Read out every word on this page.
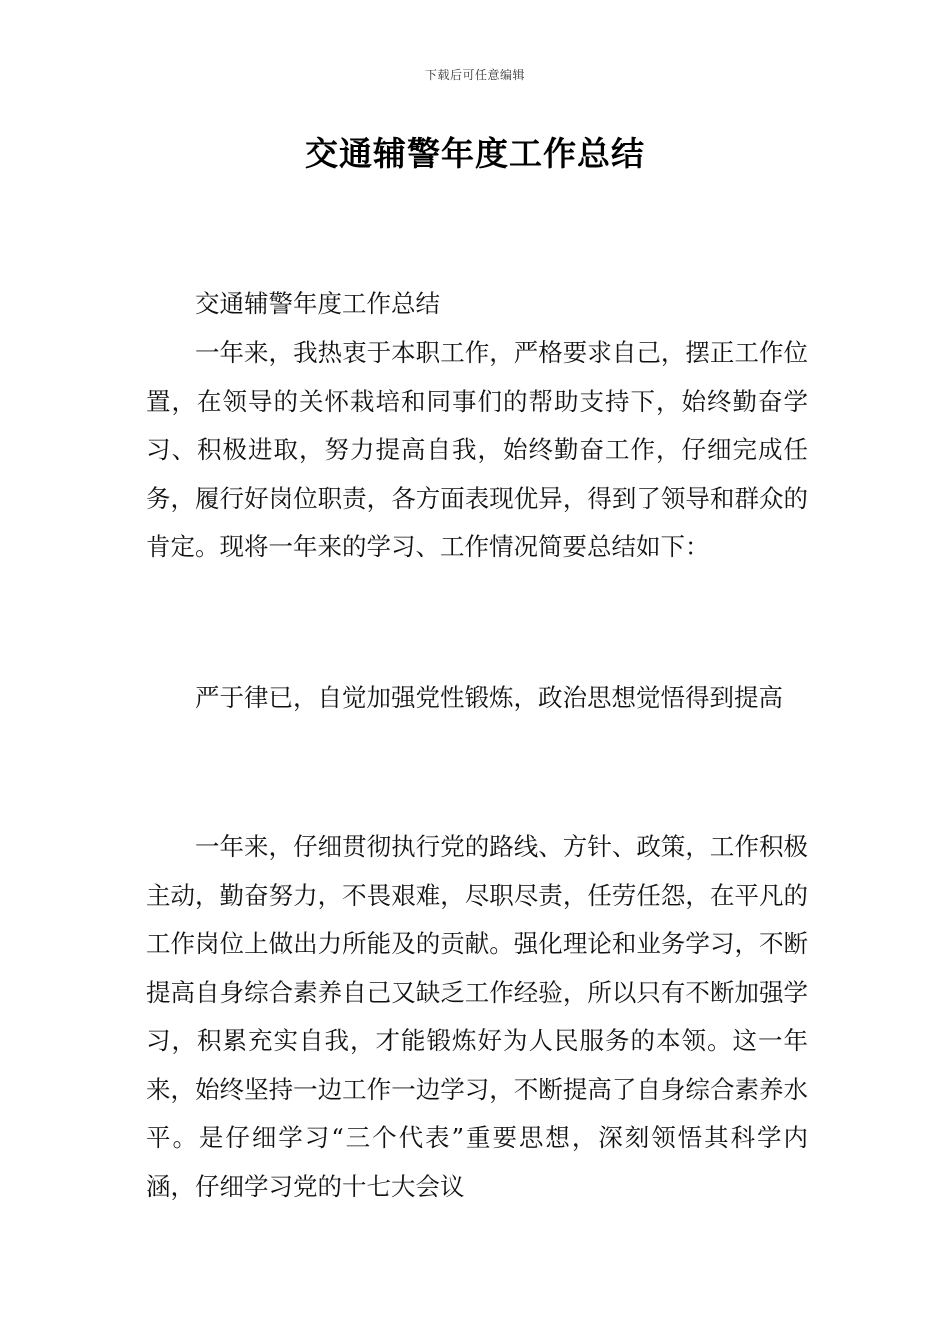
下载后可任意编辑
交通辅警年度工作总结

交通辅警年度工作总结

一年来，我热衷于本职工作，严格要求自己，摆正工作位置，在领导的关怀栽培和同事们的帮助支持下，始终勤奋学习、积极进取，努力提高自我，始终勤奋工作，仔细完成任务，履行好岗位职责，各方面表现优异，得到了领导和群众的肯定。现将一年来的学习、工作情况简要总结如下：

严于律已，自觉加强党性锻炼，政治思想觉悟得到提高

一年来，仔细贯彻执行党的路线、方针、政策，工作积极主动，勤奋努力，不畏艰难，尽职尽责，任劳任怨，在平凡的工作岗位上做出力所能及的贡献。强化理论和业务学习，不断提高自身综合素养自己又缺乏工作经验，所以只有不断加强学习，积累充实自我，才能锻炼好为人民服务的本领。这一年来，始终坚持一边工作一边学习，不断提高了自身综合素养水平。是仔细学习“三个代表”重要思想，深刻领悟其科学内涵，仔细学习党的十七大会议
